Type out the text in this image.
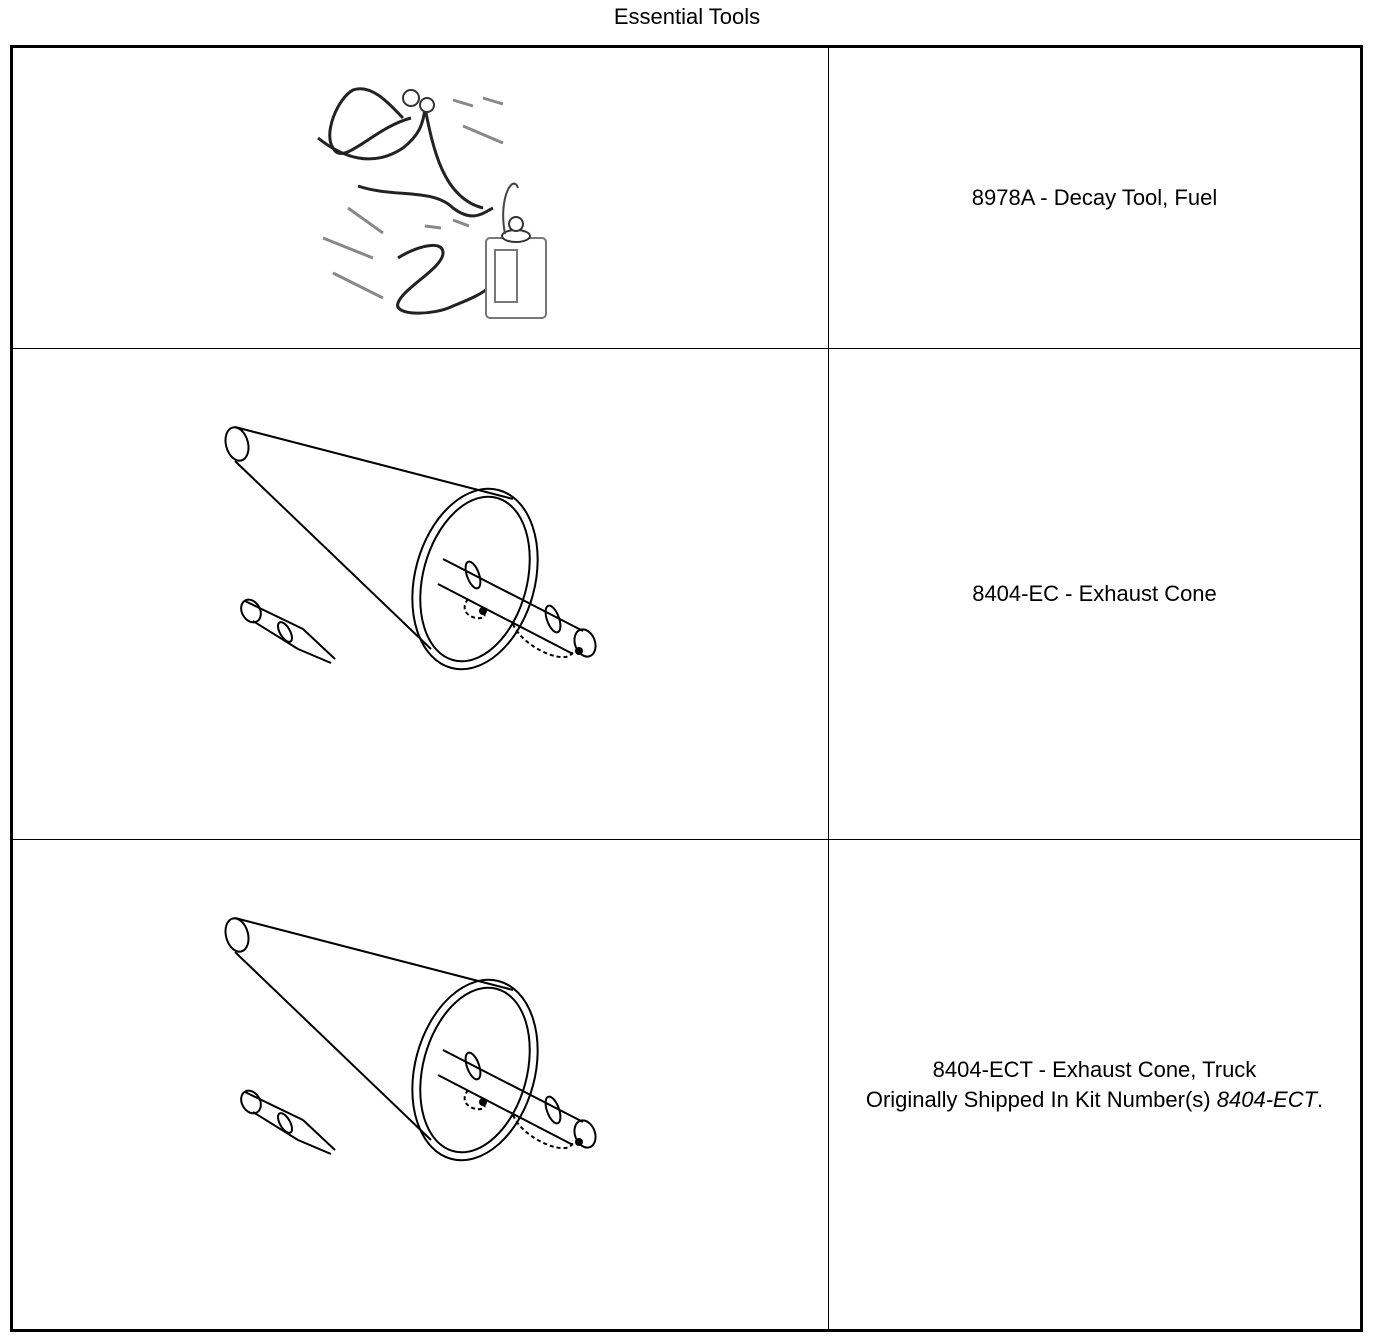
Essential Tools
8978A - Decay Tool, Fuel
8404-EC - Exhaust Cone
8404-ECT - Exhaust Cone, Truck
Originally Shipped In Kit Number(s) 8404-ECT.
